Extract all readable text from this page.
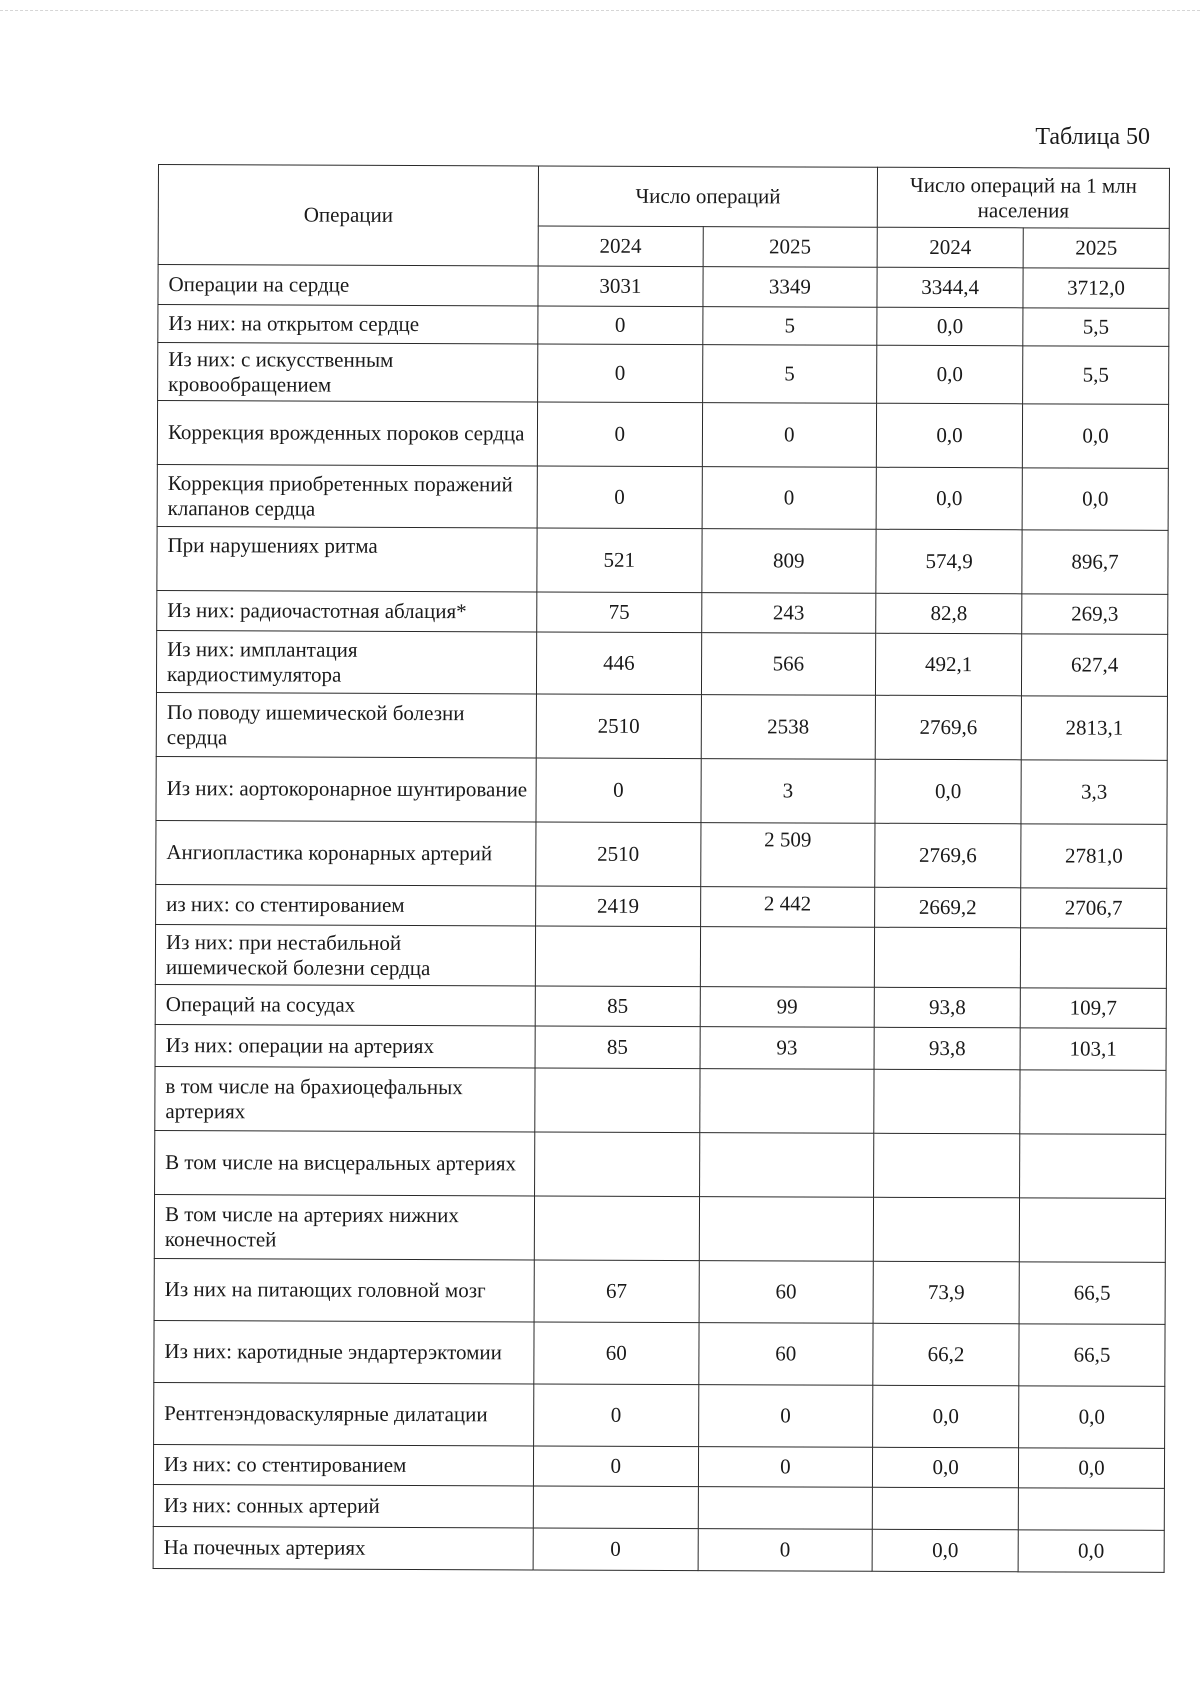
Таблица 50
Операции	Число операций		Число операций на 1 млн населения	
	2024	2025	2024	2025
Операции на сердце	3031	3349	3344,4	3712,0
Из них: на открытом сердце	0	5	0,0	5,5
Из них: с искусственным кровообращением	0	5	0,0	5,5
Коррекция врожденных пороков сердца	0	0	0,0	0,0
Коррекция приобретенных поражений клапанов сердца	0	0	0,0	0,0
При нарушениях ритма	521	809	574,9	896,7
Из них: радиочастотная аблация*	75	243	82,8	269,3
Из них: имплантация кардиостимулятора	446	566	492,1	627,4
По поводу ишемической болезни сердца	2510	2538	2769,6	2813,1
Из них: аортокоронарное шунтирование	0	3	0,0	3,3
Ангиопластика коронарных артерий	2510	2 509	2769,6	2781,0
из них: со стентированием	2419	2 442	2669,2	2706,7
Из них: при нестабильной ишемической болезни сердца				
Операций на сосудах	85	99	93,8	109,7
Из них: операции на артериях	85	93	93,8	103,1
в том числе на брахиоцефальных артериях				
В том числе на висцеральных артериях				
В том числе на артериях нижних конечностей				
Из них на питающих головной мозг	67	60	73,9	66,5
Из них: каротидные эндартерэктомии	60	60	66,2	66,5
Рентгенэндоваскулярные дилатации	0	0	0,0	0,0
Из них: со стентированием	0	0	0,0	0,0
Из них: сонных артерий				
На почечных артериях	0	0	0,0	0,0
